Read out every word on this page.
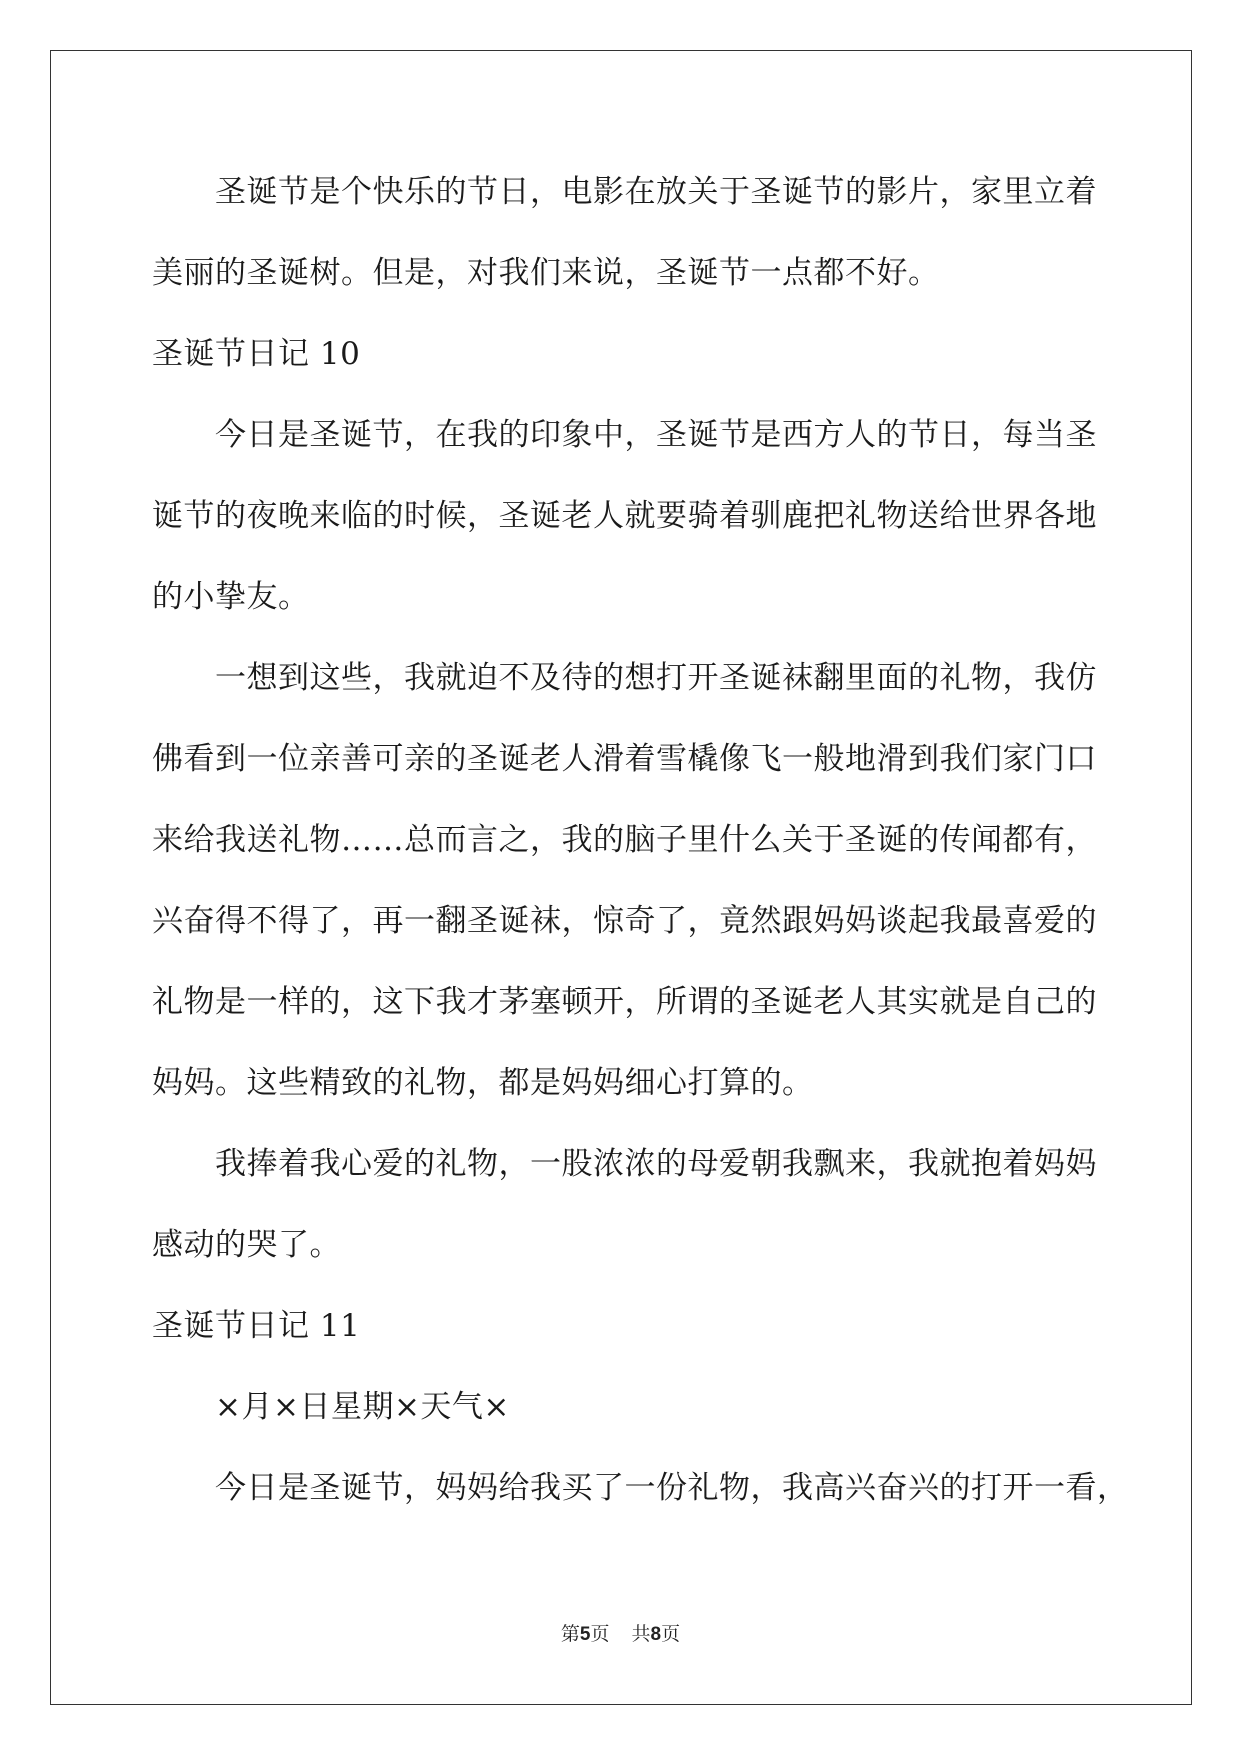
圣诞节是个快乐的节日，电影在放关于圣诞节的影片，家里立着
美丽的圣诞树。但是，对我们来说，圣诞节一点都不好。
圣诞节日记 10
今日是圣诞节，在我的印象中，圣诞节是西方人的节日，每当圣
诞节的夜晚来临的时候，圣诞老人就要骑着驯鹿把礼物送给世界各地
的小挚友。
一想到这些，我就迫不及待的想打开圣诞袜翻里面的礼物，我仿
佛看到一位亲善可亲的圣诞老人滑着雪橇像飞一般地滑到我们家门口
来给我送礼物……总而言之，我的脑子里什么关于圣诞的传闻都有，
兴奋得不得了，再一翻圣诞袜，惊奇了，竟然跟妈妈谈起我最喜爱的
礼物是一样的，这下我才茅塞顿开，所谓的圣诞老人其实就是自己的
妈妈。这些精致的礼物，都是妈妈细心打算的。
我捧着我心爱的礼物，一股浓浓的母爱朝我飘来，我就抱着妈妈
感动的哭了。
圣诞节日记 11
×月×日星期×天气×
今日是圣诞节，妈妈给我买了一份礼物，我高兴奋兴的打开一看，
第5页 共8页
